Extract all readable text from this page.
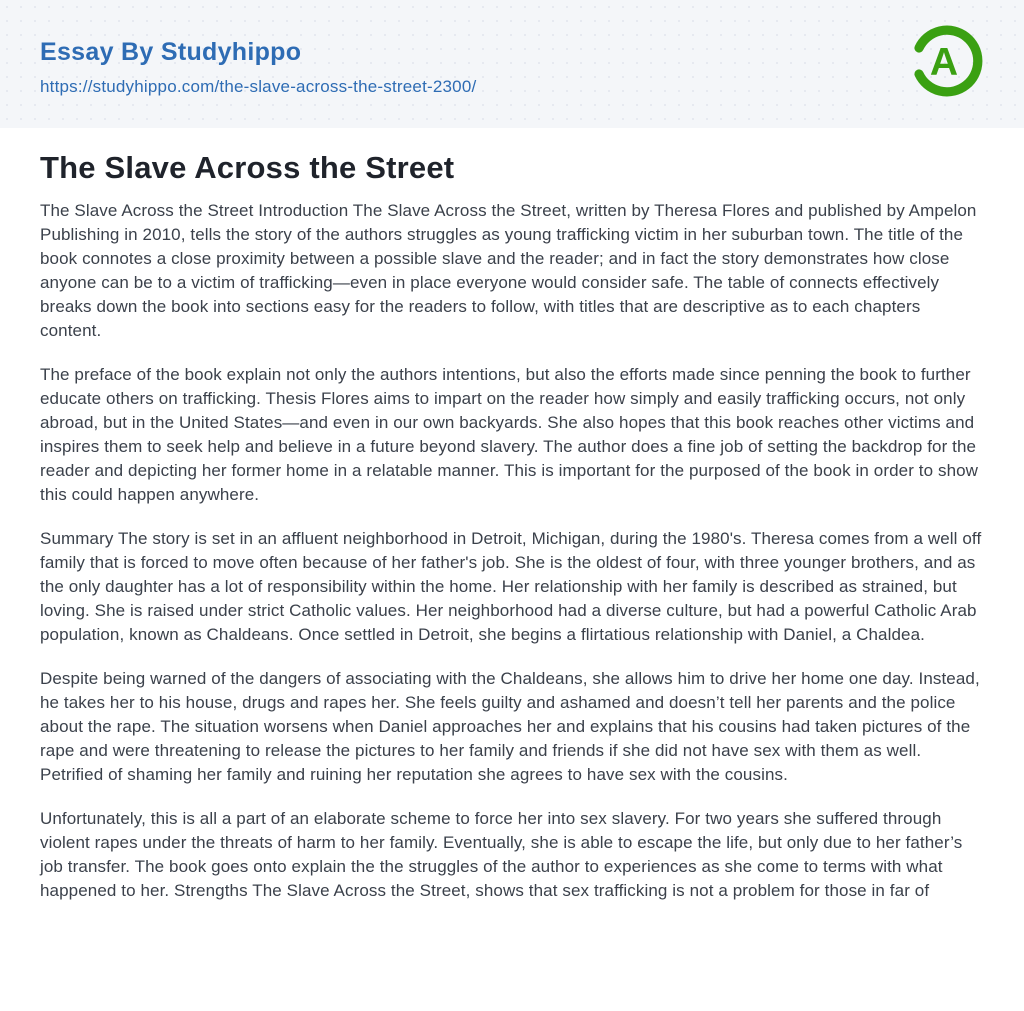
Essay By Studyhippo
https://studyhippo.com/the-slave-across-the-street-2300/
A
The Slave Across the Street

The Slave Across the Street Introduction The Slave Across the Street, written by Theresa Flores and published by Ampelon Publishing in 2010, tells the story of the authors struggles as young trafficking victim in her suburban town. The title of the book connotes a close proximity between a possible slave and the reader; and in fact the story demonstrates how close anyone can be to a victim of trafficking—even in place everyone would consider safe. The table of connects effectively breaks down the book into sections easy for the readers to follow, with titles that are descriptive as to each chapters content.

The preface of the book explain not only the authors intentions, but also the efforts made since penning the book to further educate others on trafficking. Thesis Flores aims to impart on the reader how simply and easily trafficking occurs, not only abroad, but in the United States—and even in our own backyards. She also hopes that this book reaches other victims and inspires them to seek help and believe in a future beyond slavery. The author does a fine job of setting the backdrop for the reader and depicting her former home in a relatable manner. This is important for the purposed of the book in order to show this could happen anywhere.

Summary The story is set in an affluent neighborhood in Detroit, Michigan, during the 1980's. Theresa comes from a well off family that is forced to move often because of her father's job. She is the oldest of four, with three younger brothers, and as the only daughter has a lot of responsibility within the home. Her relationship with her family is described as strained, but loving. She is raised under strict Catholic values. Her neighborhood had a diverse culture, but had a powerful Catholic Arab population, known as Chaldeans. Once settled in Detroit, she begins a flirtatious relationship with Daniel, a Chaldea.

Despite being warned of the dangers of associating with the Chaldeans, she allows him to drive her home one day. Instead, he takes her to his house, drugs and rapes her. She feels guilty and ashamed and doesn’t tell her parents and the police about the rape. The situation worsens when Daniel approaches her and explains that his cousins had taken pictures of the rape and were threatening to release the pictures to her family and friends if she did not have sex with them as well. Petrified of shaming her family and ruining her reputation she agrees to have sex with the cousins.

Unfortunately, this is all a part of an elaborate scheme to force her into sex slavery. For two years she suffered through violent rapes under the threats of harm to her family. Eventually, she is able to escape the life, but only due to her father’s job transfer. The book goes onto explain the the struggles of the author to experiences as she come to terms with what happened to her. Strengths The Slave Across the Street, shows that sex trafficking is not a problem for those in far of
